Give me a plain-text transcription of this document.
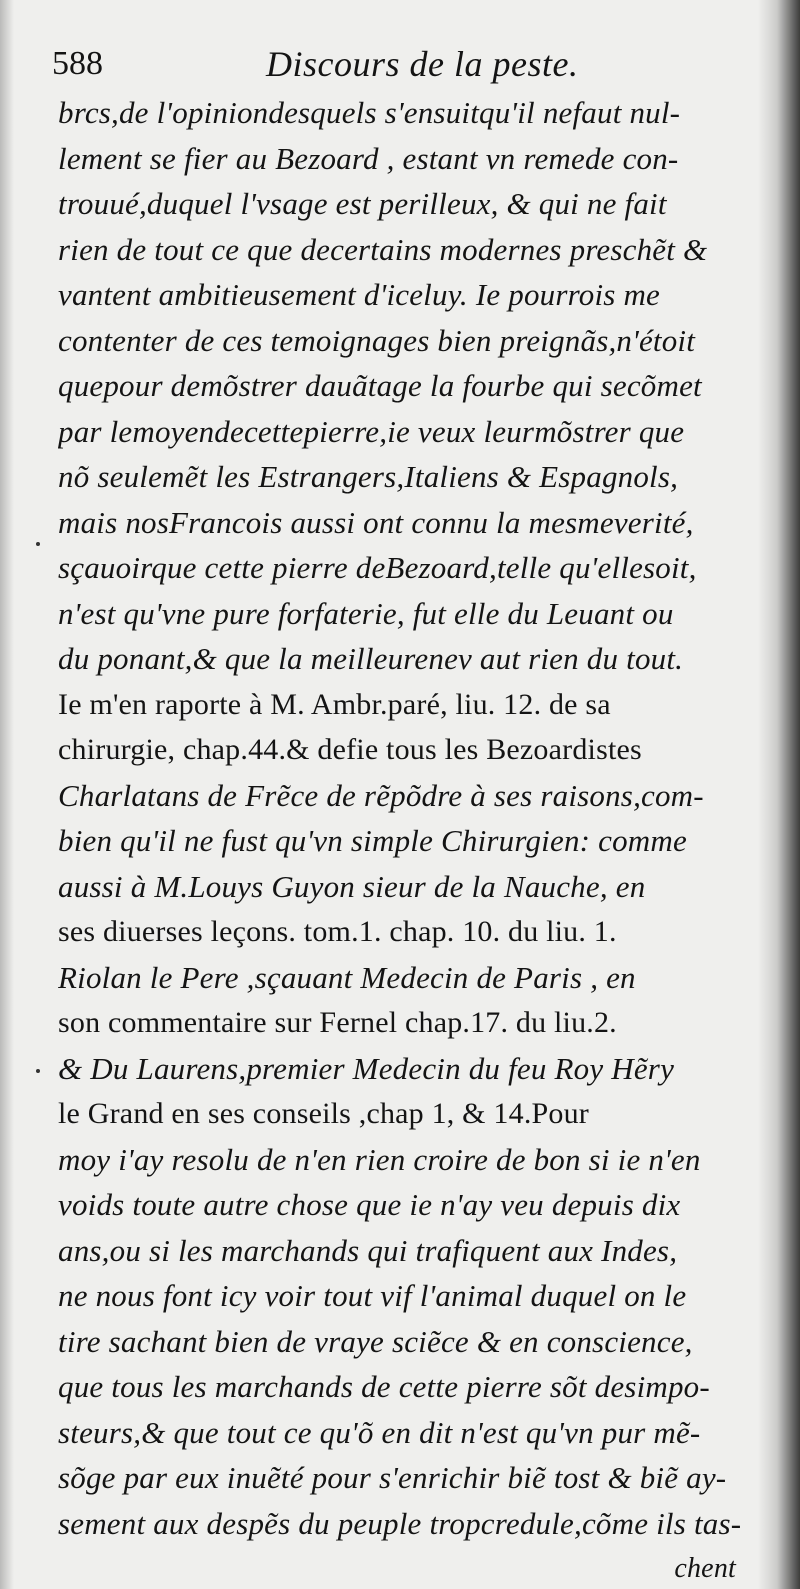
588	Discours de la peste.
brcs,de l'opiniondesquels s'ensuitqu'il nefaut nul-
lement se fier au Bezoard , estant vn remede con-
trouué,duquel l'vsage est perilleux, & qui ne fait
rien de tout ce que decertains modernes preschẽt &
vantent ambitieusement d'iceluy. Ie pourrois me
contenter de ces temoignages bien preignãs,n'étoit
quepour demõstrer dauãtage la fourbe qui secõmet
par lemoyendecettepierre,ie veux leurmõstrer que
nõ seulemẽt les Estrangers,Italiens & Espagnols,
mais nosFrancois aussi ont connu la mesmeverité,
sçauoirque cette pierre deBezoard,telle qu'ellesoit,
n'est qu'vne pure forfaterie, fut elle du Leuant ou
du ponant,& que la meilleurenev aut rien du tout.
Ie m'en raporte à M. Ambr.paré, liu. 12. de sa
chirurgie, chap.44.& defie tous les Bezoardistes
Charlatans de Frẽce de rẽpõdre à ses raisons,com-
bien qu'il ne fust qu'vn simple Chirurgien: comme
aussi à M.Louys Guyon sieur de la Nauche, en
ses diuerses leçons. tom.1. chap. 10. du liu. 1.
Riolan le Pere ,sçauant Medecin de Paris , en
son commentaire sur Fernel chap.17. du liu.2.
& Du Laurens,premier Medecin du feu Roy Hẽry
le Grand en ses conseils ,chap 1, & 14.Pour
moy i'ay resolu de n'en rien croire de bon si ie n'en
voids toute autre chose que ie n'ay veu depuis dix
ans,ou si les marchands qui trafiquent aux Indes,
ne nous font icy voir tout vif l'animal duquel on le
tire sachant bien de vraye sciẽce & en conscience,
que tous les marchands de cette pierre sõt desimpo-
steurs,& que tout ce qu'õ en dit n'est qu'vn pur mẽ-
sõge par eux inuẽté pour s'enrichir biẽ tost & biẽ ay-
sement aux despẽs du peuple tropcredule,cõme ils tas-
chent
